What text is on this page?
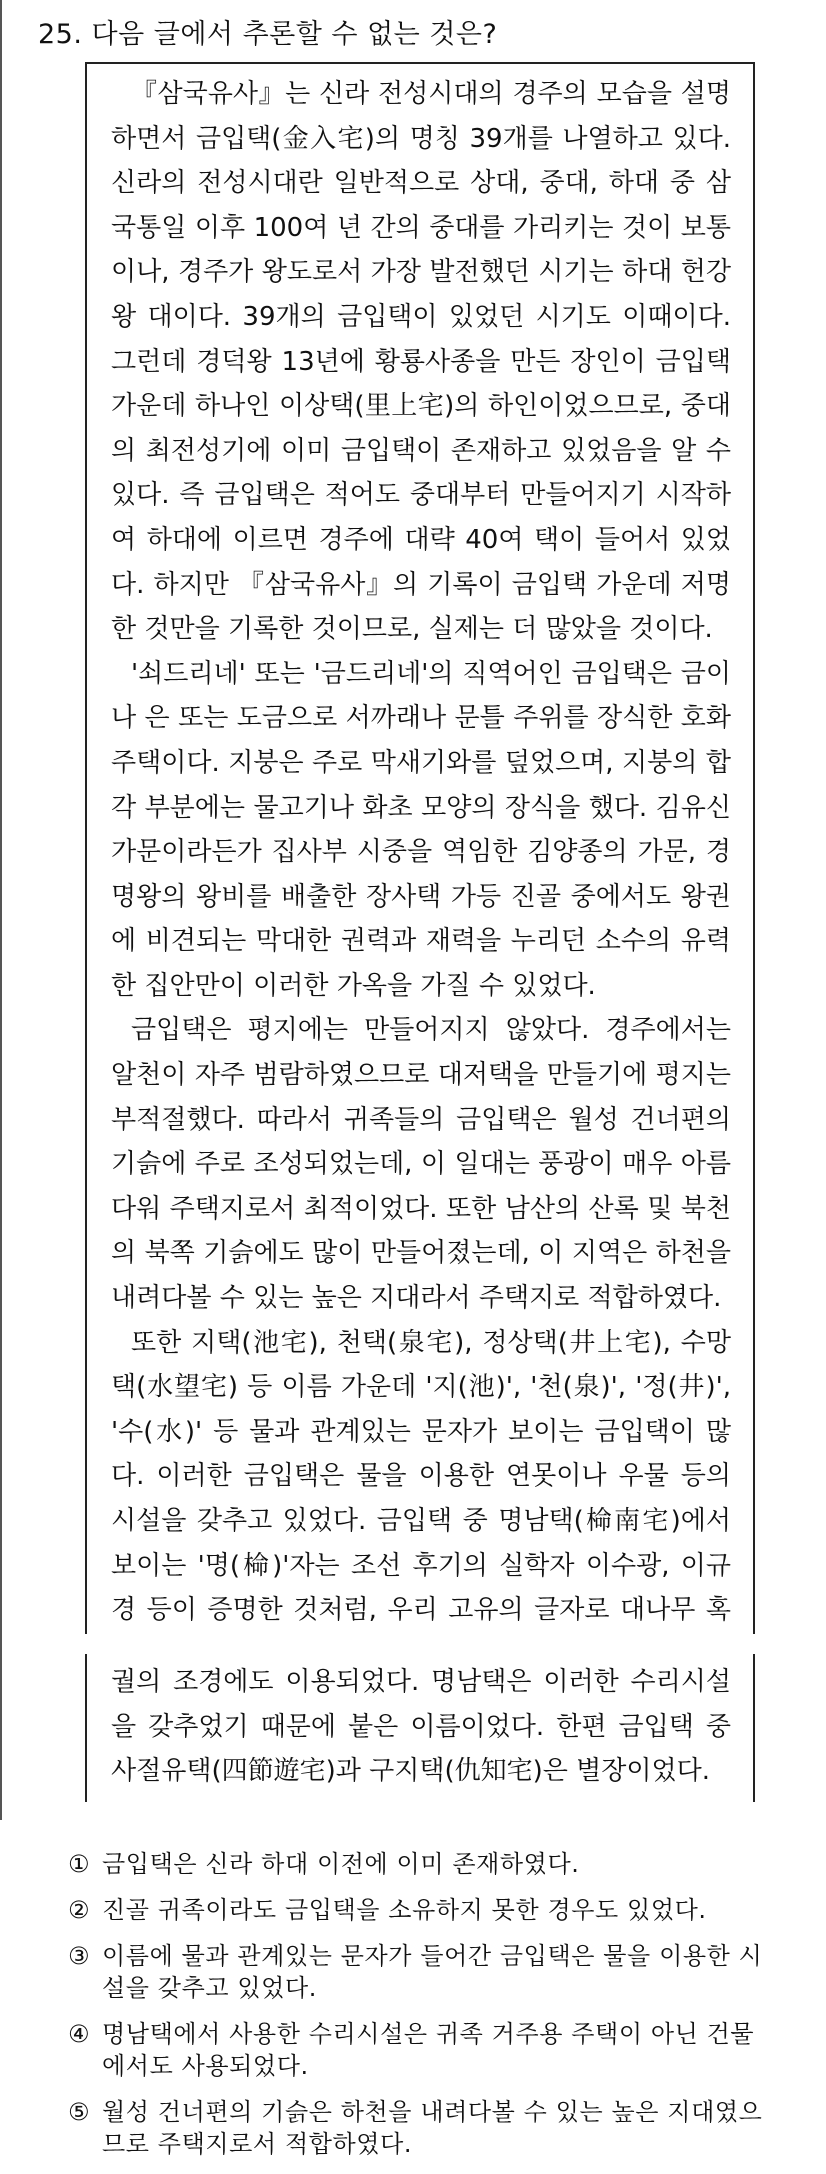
25. 다음 글에서 추론할 수 없는 것은?

『삼국유사』는 신라 전성시대의 경주의 모습을 설명하면서 금입택(金入宅)의 명칭 39개를 나열하고 있다. 신라의 전성시대란 일반적으로 상대, 중대, 하대 중 삼국통일 이후 100여 년 간의 중대를 가리키는 것이 보통이나, 경주가 왕도로서 가장 발전했던 시기는 하대 헌강왕 대이다. 39개의 금입택이 있었던 시기도 이때이다. 그런데 경덕왕 13년에 황룡사종을 만든 장인이 금입택 가운데 하나인 이상택(里上宅)의 하인이었으므로, 중대의 최전성기에 이미 금입택이 존재하고 있었음을 알 수 있다. 즉 금입택은 적어도 중대부터 만들어지기 시작하여 하대에 이르면 경주에 대략 40여 택이 들어서 있었다. 하지만 『삼국유사』의 기록이 금입택 가운데 저명한 것만을 기록한 것이므로, 실제는 더 많았을 것이다.

'쇠드리네' 또는 '금드리네'의 직역어인 금입택은 금이나 은 또는 도금으로 서까래나 문틀 주위를 장식한 호화주택이다. 지붕은 주로 막새기와를 덮었으며, 지붕의 합각 부분에는 물고기나 화초 모양의 장식을 했다. 김유신 가문이라든가 집사부 시중을 역임한 김양종의 가문, 경명왕의 왕비를 배출한 장사택 가등 진골 중에서도 왕권에 비견되는 막대한 권력과 재력을 누리던 소수의 유력한 집안만이 이러한 가옥을 가질 수 있었다.

금입택은 평지에는 만들어지지 않았다. 경주에서는 알천이 자주 범람하였으므로 대저택을 만들기에 평지는 부적절했다. 따라서 귀족들의 금입택은 월성 건너편의 기슭에 주로 조성되었는데, 이 일대는 풍광이 매우 아름다워 주택지로서 최적이었다. 또한 남산의 산록 및 북천의 북쪽 기슭에도 많이 만들어졌는데, 이 지역은 하천을 내려다볼 수 있는 높은 지대라서 주택지로 적합하였다.

또한 지택(池宅), 천택(泉宅), 정상택(井上宅), 수망택(水望宅) 등 이름 가운데 '지(池)', '천(泉)', '정(井)', '수(水)' 등 물과 관계있는 문자가 보이는 금입택이 많다. 이러한 금입택은 물을 이용한 연못이나 우물 등의 시설을 갖추고 있었다. 금입택 중 명남택(椧南宅)에서 보이는 '명(椧)'자는 조선 후기의 실학자 이수광, 이규경 등이 증명한 것처럼, 우리 고유의 글자로 대나무 혹

궐의 조경에도 이용되었다. 명남택은 이러한 수리시설을 갖추었기 때문에 붙은 이름이었다. 한편 금입택 중 사절유택(四節遊宅)과 구지택(仇知宅)은 별장이었다.

① 금입택은 신라 하대 이전에 이미 존재하였다.
② 진골 귀족이라도 금입택을 소유하지 못한 경우도 있었다.
③ 이름에 물과 관계있는 문자가 들어간 금입택은 물을 이용한 시설을 갖추고 있었다.
④ 명남택에서 사용한 수리시설은 귀족 거주용 주택이 아닌 건물에서도 사용되었다.
⑤ 월성 건너편의 기슭은 하천을 내려다볼 수 있는 높은 지대였으므로 주택지로서 적합하였다.
